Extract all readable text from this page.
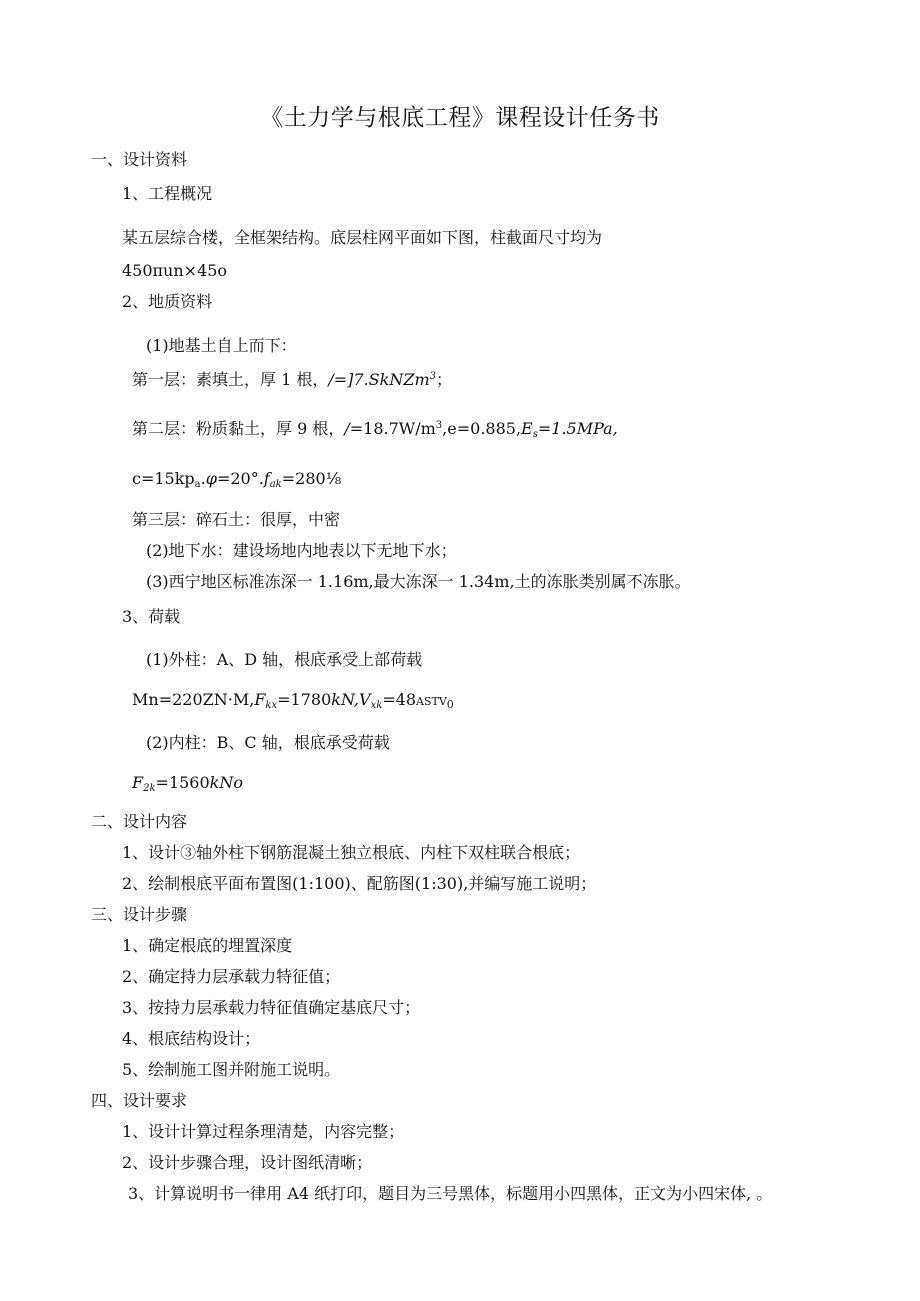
《土力学与根底工程》课程设计任务书
一、设计资料
1、工程概况
某五层综合楼，全框架结构。底层柱网平面如下图，柱截面尺寸均为
450πun×45o
2、地质资料
(1)地基土自上而下：
第一层：素填土，厚 1 根，/=]7.SkNZm$^3$；
第二层：粉质黏土，厚 9 根，$/=18.7W/m^3,e=0.885,E_s=1.5MPa$,
$c=15kp_a.\varphi=20^\circ.f_{ak}=280\frac{1}{8}$
第三层：碎石土：很厚，中密
(2)地下水：建设场地内地表以下无地下水；
(3)西宁地区标准冻深一 1.16m,最大冻深一 1.34m,土的冻胀类别属不冻胀。
3、荷载
(1)外柱：A、D 轴，根底承受上部荷载
$Mn=220ZN\cdot M,F_{kx}=1780kN,V_{xk}=48ASTV_0$
(2)内柱：B、C 轴，根底承受荷载
$F_{2k}=1560kNo$
二、设计内容
1、设计③轴外柱下钢筋混凝土独立根底、内柱下双柱联合根底；
2、绘制根底平面布置图(1:100)、配筋图(1:30),并编写施工说明；
三、设计步骤
1、确定根底的埋置深度
2、确定持力层承载力特征值；
3、按持力层承载力特征值确定基底尺寸；
4、根底结构设计；
5、绘制施工图并附施工说明。
四、设计要求
1、设计计算过程条理清楚，内容完整；
2、设计步骤合理，设计图纸清晰；
3、计算说明书一律用 A4 纸打印，题目为三号黑体，标题用小四黑体，正文为小四宋体, 。
